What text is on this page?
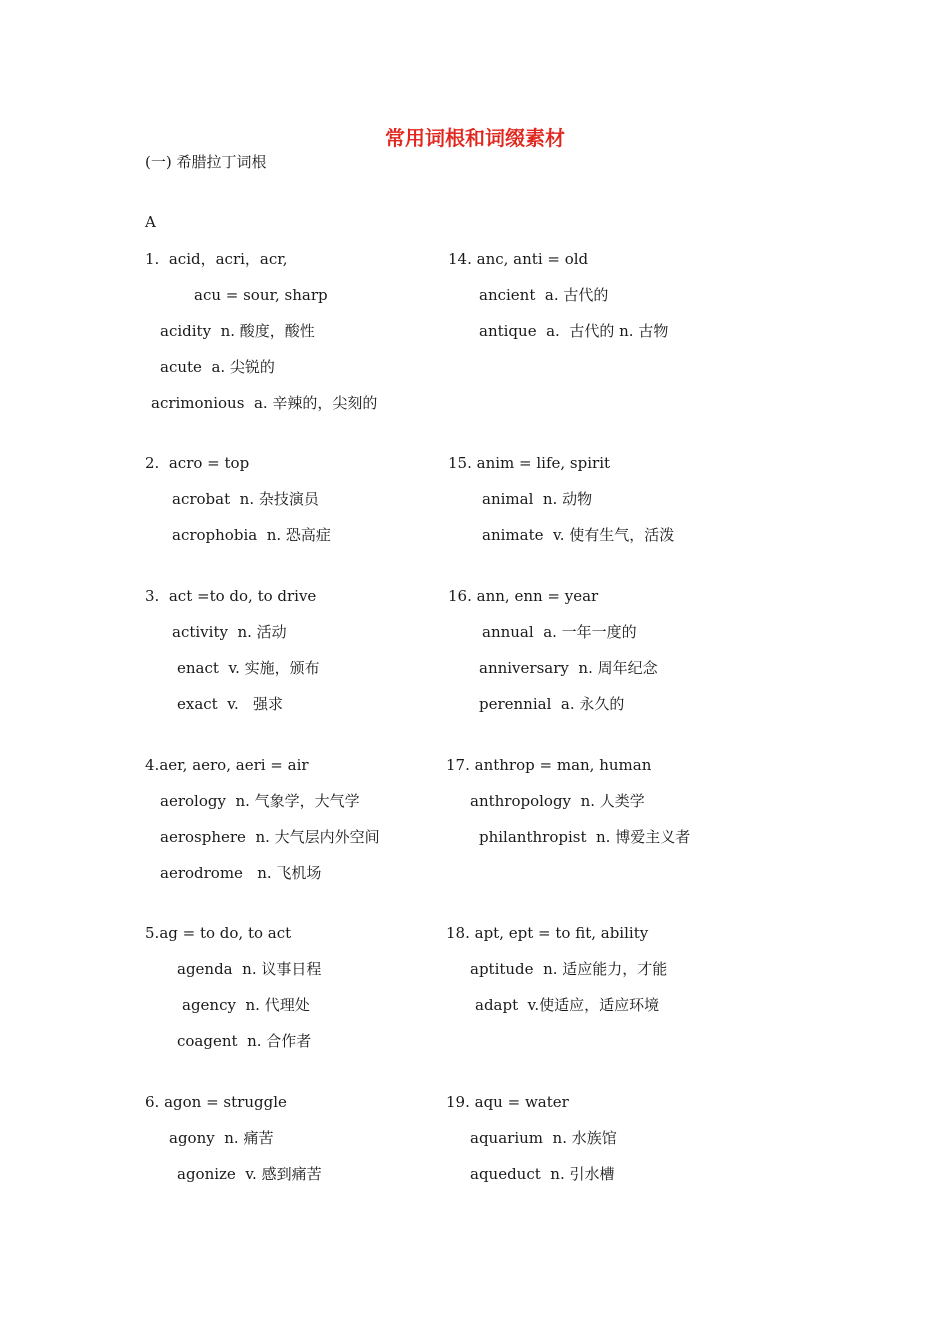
常用词根和词缀素材
(一) 希腊拉丁词根
A
1. acid，acri，acr,
acu = sour, sharp
acidity  n. 酸度，酸性
acute  a. 尖锐的
acrimonious  a. 辛辣的，尖刻的
2. acro = top
acrobat  n. 杂技演员
acrophobia  n. 恐高症
3. act =to do, to drive
activity  n. 活动
enact  v. 实施，颁布
exact  v.   强求
4.aer, aero, aeri = air
aerology  n. 气象学，大气学
aerosphere  n. 大气层内外空间
aerodrome   n. 飞机场
5.ag = to do, to act
agenda  n. 议事日程
agency  n. 代理处
coagent  n. 合作者
6. agon = struggle
agony  n. 痛苦
agonize  v. 感到痛苦
14. anc, anti = old
ancient  a. 古代的
antique  a.  古代的 n. 古物
15. anim = life, spirit
animal  n. 动物
animate  v. 使有生气，活泼
16. ann, enn = year
annual  a. 一年一度的
anniversary  n. 周年纪念
perennial  a. 永久的
17. anthrop = man, human
anthropology  n. 人类学
philanthropist  n. 博爱主义者
18. apt, ept = to fit, ability
aptitude  n. 适应能力，才能
adapt  v.使适应，适应环境
19. aqu = water
aquarium  n. 水族馆
aqueduct  n. 引水槽
